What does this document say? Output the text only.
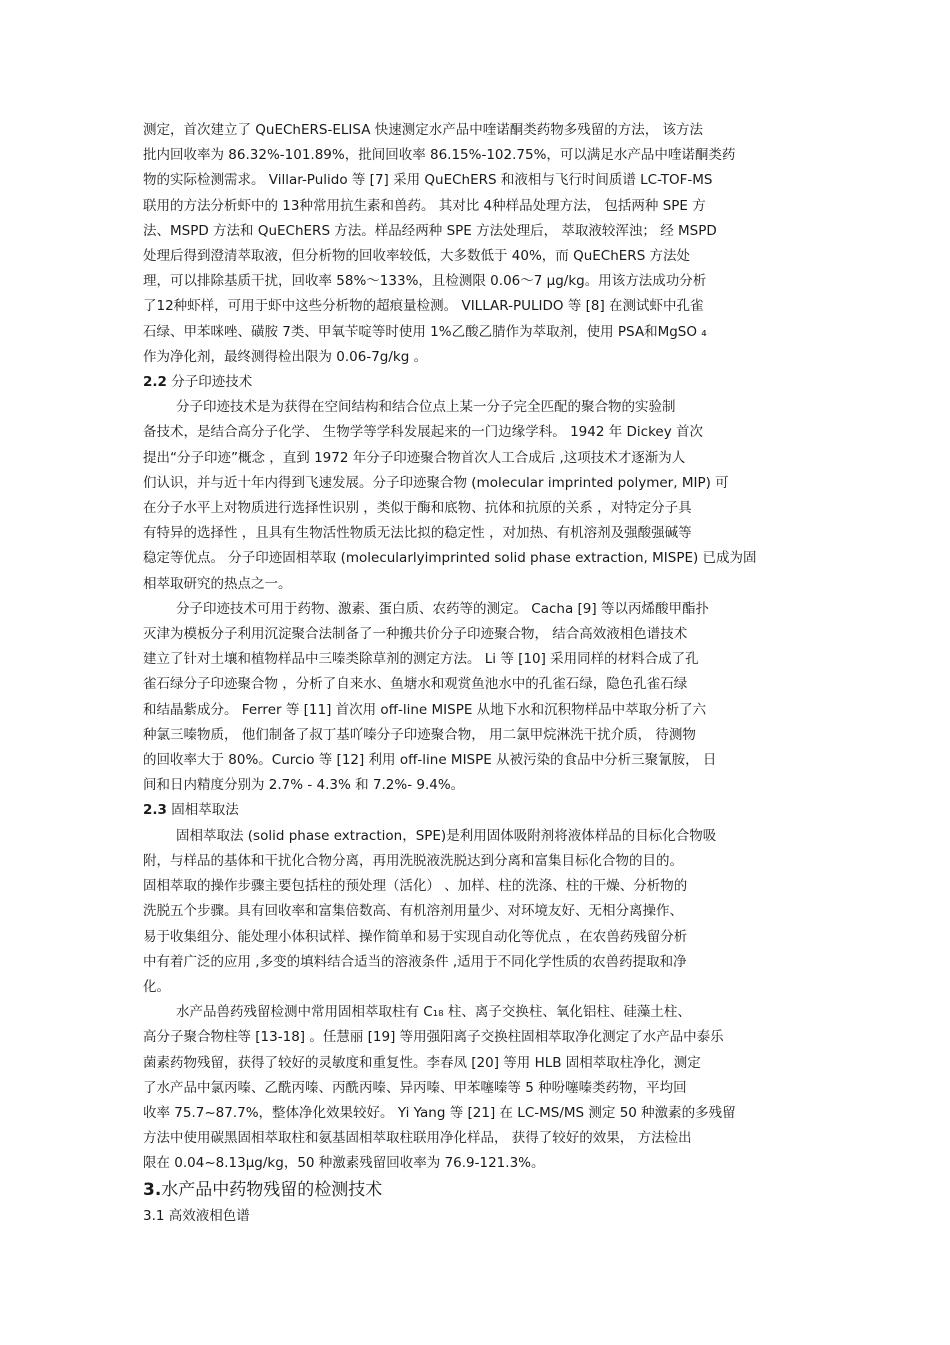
测定，首次建立了 QuEChERS-ELISA 快速测定水产品中喹诺酮类药物多残留的方法， 该方法
批内回收率为 86.32%-101.89%，批间回收率 86.15%-102.75%，可以满足水产品中喹诺酮类药
物的实际检测需求。 Villar-Pulido 等 [7] 采用 QuEChERS 和液相与飞行时间质谱 LC-TOF-MS
联用的方法分析虾中的 13种常用抗生素和兽药。 其对比 4种样品处理方法， 包括两种 SPE 方
法、MSPD 方法和 QuEChERS 方法。样品经两种 SPE 方法处理后， 萃取液较浑浊； 经 MSPD
处理后得到澄清萃取液，但分析物的回收率较低，大多数低于 40%，而 QuEChERS 方法处
理，可以排除基质干扰，回收率 58%～133%，且检测限 0.06～7 μg/kg。用该方法成功分析
了12种虾样，可用于虾中这些分析物的超痕量检测。 VILLAR-PULIDO 等 [8] 在测试虾中孔雀
石绿、甲苯咪唑、磺胺 7类、甲氧苄啶等时使用 1%乙酸乙腈作为萃取剂，使用 PSA和MgSO ₄
作为净化剂，最终测得检出限为 0.06-7g/kg 。

2.2 分子印迹技术

分子印迹技术是为获得在空间结构和结合位点上某一分子完全匹配的聚合物的实验制
备技术，是结合高分子化学、 生物学等学科发展起来的一门边缘学科。 1942 年 Dickey 首次
提出“分子印迹”概念 ，直到 1972 年分子印迹聚合物首次人工合成后 ,这项技术才逐渐为人
们认识，并与近十年内得到飞速发展。分子印迹聚合物 (molecular imprinted polymer, MIP) 可
在分子水平上对物质进行选择性识别 ，类似于酶和底物、抗体和抗原的关系 ，对特定分子具
有特异的选择性 ，且具有生物活性物质无法比拟的稳定性 ，对加热、有机溶剂及强酸强碱等
稳定等优点。 分子印迹固相萃取 (molecularlyimprinted solid phase extraction, MISPE) 已成为固
相萃取研究的热点之一。

分子印迹技术可用于药物、激素、蛋白质、农药等的测定。 Cacha [9] 等以丙烯酸甲酯扑
灭津为模板分子利用沉淀聚合法制备了一种搬共价分子印迹聚合物， 结合高效液相色谱技术
建立了针对土壤和植物样品中三嗪类除草剂的测定方法。 Li 等 [10] 采用同样的材料合成了孔
雀石绿分子印迹聚合物 ，分析了自来水、鱼塘水和观赏鱼池水中的孔雀石绿，隐色孔雀石绿
和结晶紫成分。 Ferrer 等 [11] 首次用 off-line MISPE 从地下水和沉积物样品中萃取分析了六
种氯三嗪物质， 他们制备了叔丁基吖嗪分子印迹聚合物， 用二氯甲烷淋洗干扰介质， 待测物
的回收率大于 80%。Curcio 等 [12] 利用 off-line MISPE 从被污染的食品中分析三聚氰胺， 日
间和日内精度分别为 2.7% - 4.3% 和 7.2%- 9.4%。

2.3 固相萃取法

固相萃取法 (solid phase extraction，SPE)是利用固体吸附剂将液体样品的目标化合物吸
附，与样品的基体和干扰化合物分离，再用洗脱液洗脱达到分离和富集目标化合物的目的。
固相萃取的操作步骤主要包括柱的预处理（活化） 、加样、柱的洗涤、柱的干燥、分析物的
洗脱五个步骤。具有回收率和富集倍数高、有机溶剂用量少、对环境友好、无相分离操作、
易于收集组分、能处理小体积试样、操作简单和易于实现自动化等优点 ，在农兽药残留分析
中有着广泛的应用 ,多变的填料结合适当的溶液条件 ,适用于不同化学性质的农兽药提取和净
化。

水产品兽药残留检测中常用固相萃取柱有 C₁₈ 柱、离子交换柱、氧化铝柱、硅藻土柱、
高分子聚合物柱等 [13-18] 。任慧丽 [19] 等用强阳离子交换柱固相萃取净化测定了水产品中泰乐
菌素药物残留，获得了较好的灵敏度和重复性。李春凤 [20] 等用 HLB 固相萃取柱净化，测定
了水产品中氯丙嗪、乙酰丙嗪、丙酰丙嗪、异丙嗪、甲苯噻嗪等 5 种吩噻嗪类药物，平均回
收率 75.7~87.7%，整体净化效果较好。 Yi Yang 等 [21] 在 LC-MS/MS 测定 50 种激素的多残留
方法中使用碳黑固相萃取柱和氨基固相萃取柱联用净化样品， 获得了较好的效果， 方法检出
限在 0.04~8.13μg/kg，50 种激素残留回收率为 76.9-121.3%。

3.水产品中药物残留的检测技术

3.1 高效液相色谱
